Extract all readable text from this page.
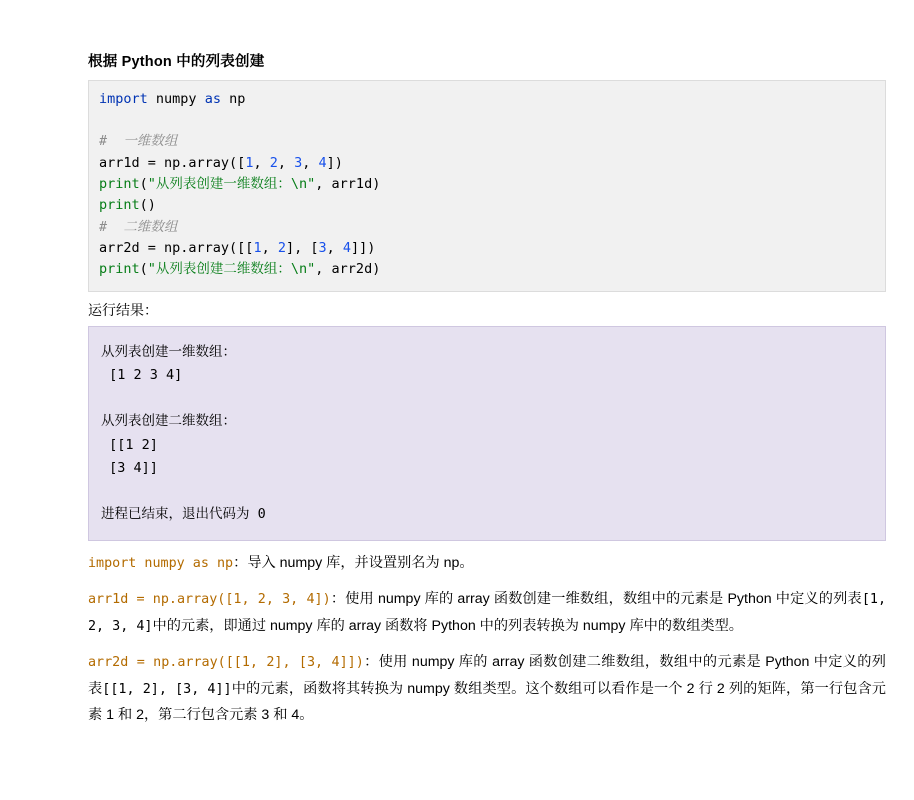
根据 Python 中的列表创建
import numpy as np

#  一维数组
arr1d = np.array([1, 2, 3, 4])
print("从列表创建一维数组：\n", arr1d)
print()
#  二维数组
arr2d = np.array([[1, 2], [3, 4]])
print("从列表创建二维数组：\n", arr2d)
运行结果：
从列表创建一维数组：
[1 2 3 4]

从列表创建二维数组：
[[1 2]
[3 4]]

进程已结束，退出代码为 0

import numpy as np：导入 numpy 库，并设置别名为 np。

arr1d = np.array([1, 2, 3, 4])：使用 numpy 库的 array 函数创建一维数组，数组中的元素是 Python 中定义的列表[1, 2, 3, 4]中的元素，即通过 numpy 库的 array 函数将 Python 中的列表转换为 numpy 库中的数组类型。

arr2d = np.array([[1, 2], [3, 4]])：使用 numpy 库的 array 函数创建二维数组，数组中的元素是 Python 中定义的列表[[1, 2], [3, 4]]中的元素，函数将其转换为 numpy 数组类型。这个数组可以看作是一个 2 行 2 列的矩阵，第一行包含元素 1 和 2，第二行包含元素 3 和 4。
